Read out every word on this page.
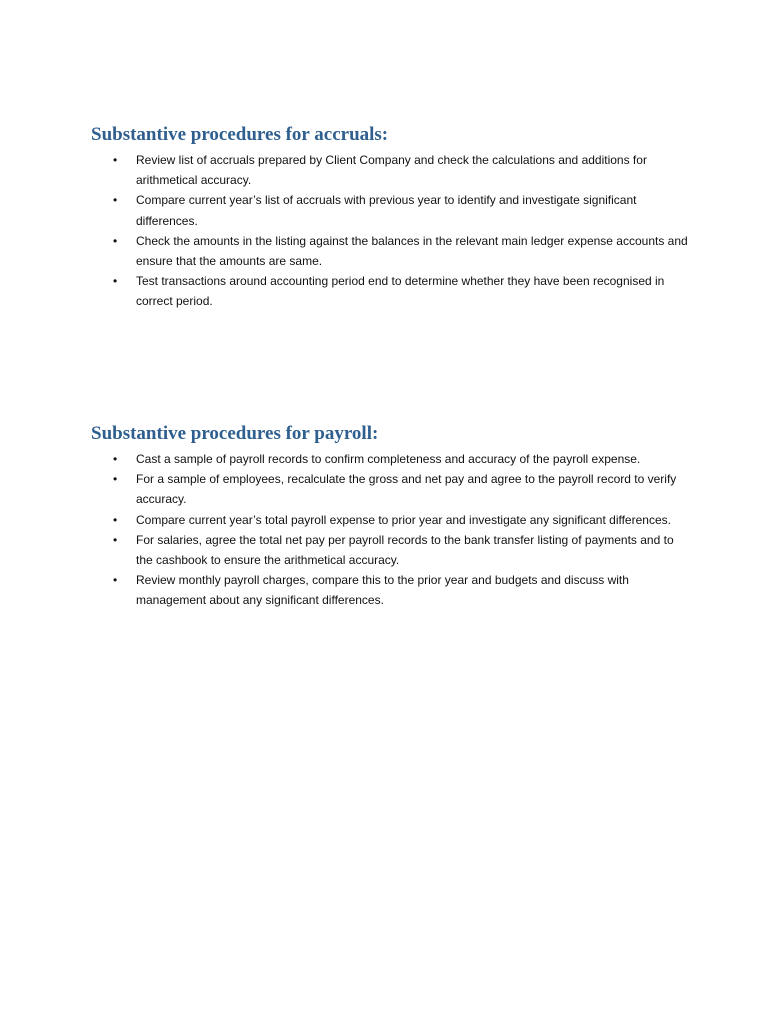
Substantive procedures for accruals:
• Review list of accruals prepared by Client Company and check the calculations and additions for arithmetical accuracy.
• Compare current year’s list of accruals with previous year to identify and investigate significant differences.
• Check the amounts in the listing against the balances in the relevant main ledger expense accounts and ensure that the amounts are same.
• Test transactions around accounting period end to determine whether they have been recognised in correct period.
Substantive procedures for payroll:
• Cast a sample of payroll records to confirm completeness and accuracy of the payroll expense.
• For a sample of employees, recalculate the gross and net pay and agree to the payroll record to verify accuracy.
• Compare current year’s total payroll expense to prior year and investigate any significant differences.
• For salaries, agree the total net pay per payroll records to the bank transfer listing of payments and to the cashbook to ensure the arithmetical accuracy.
• Review monthly payroll charges, compare this to the prior year and budgets and discuss with management about any significant differences.
